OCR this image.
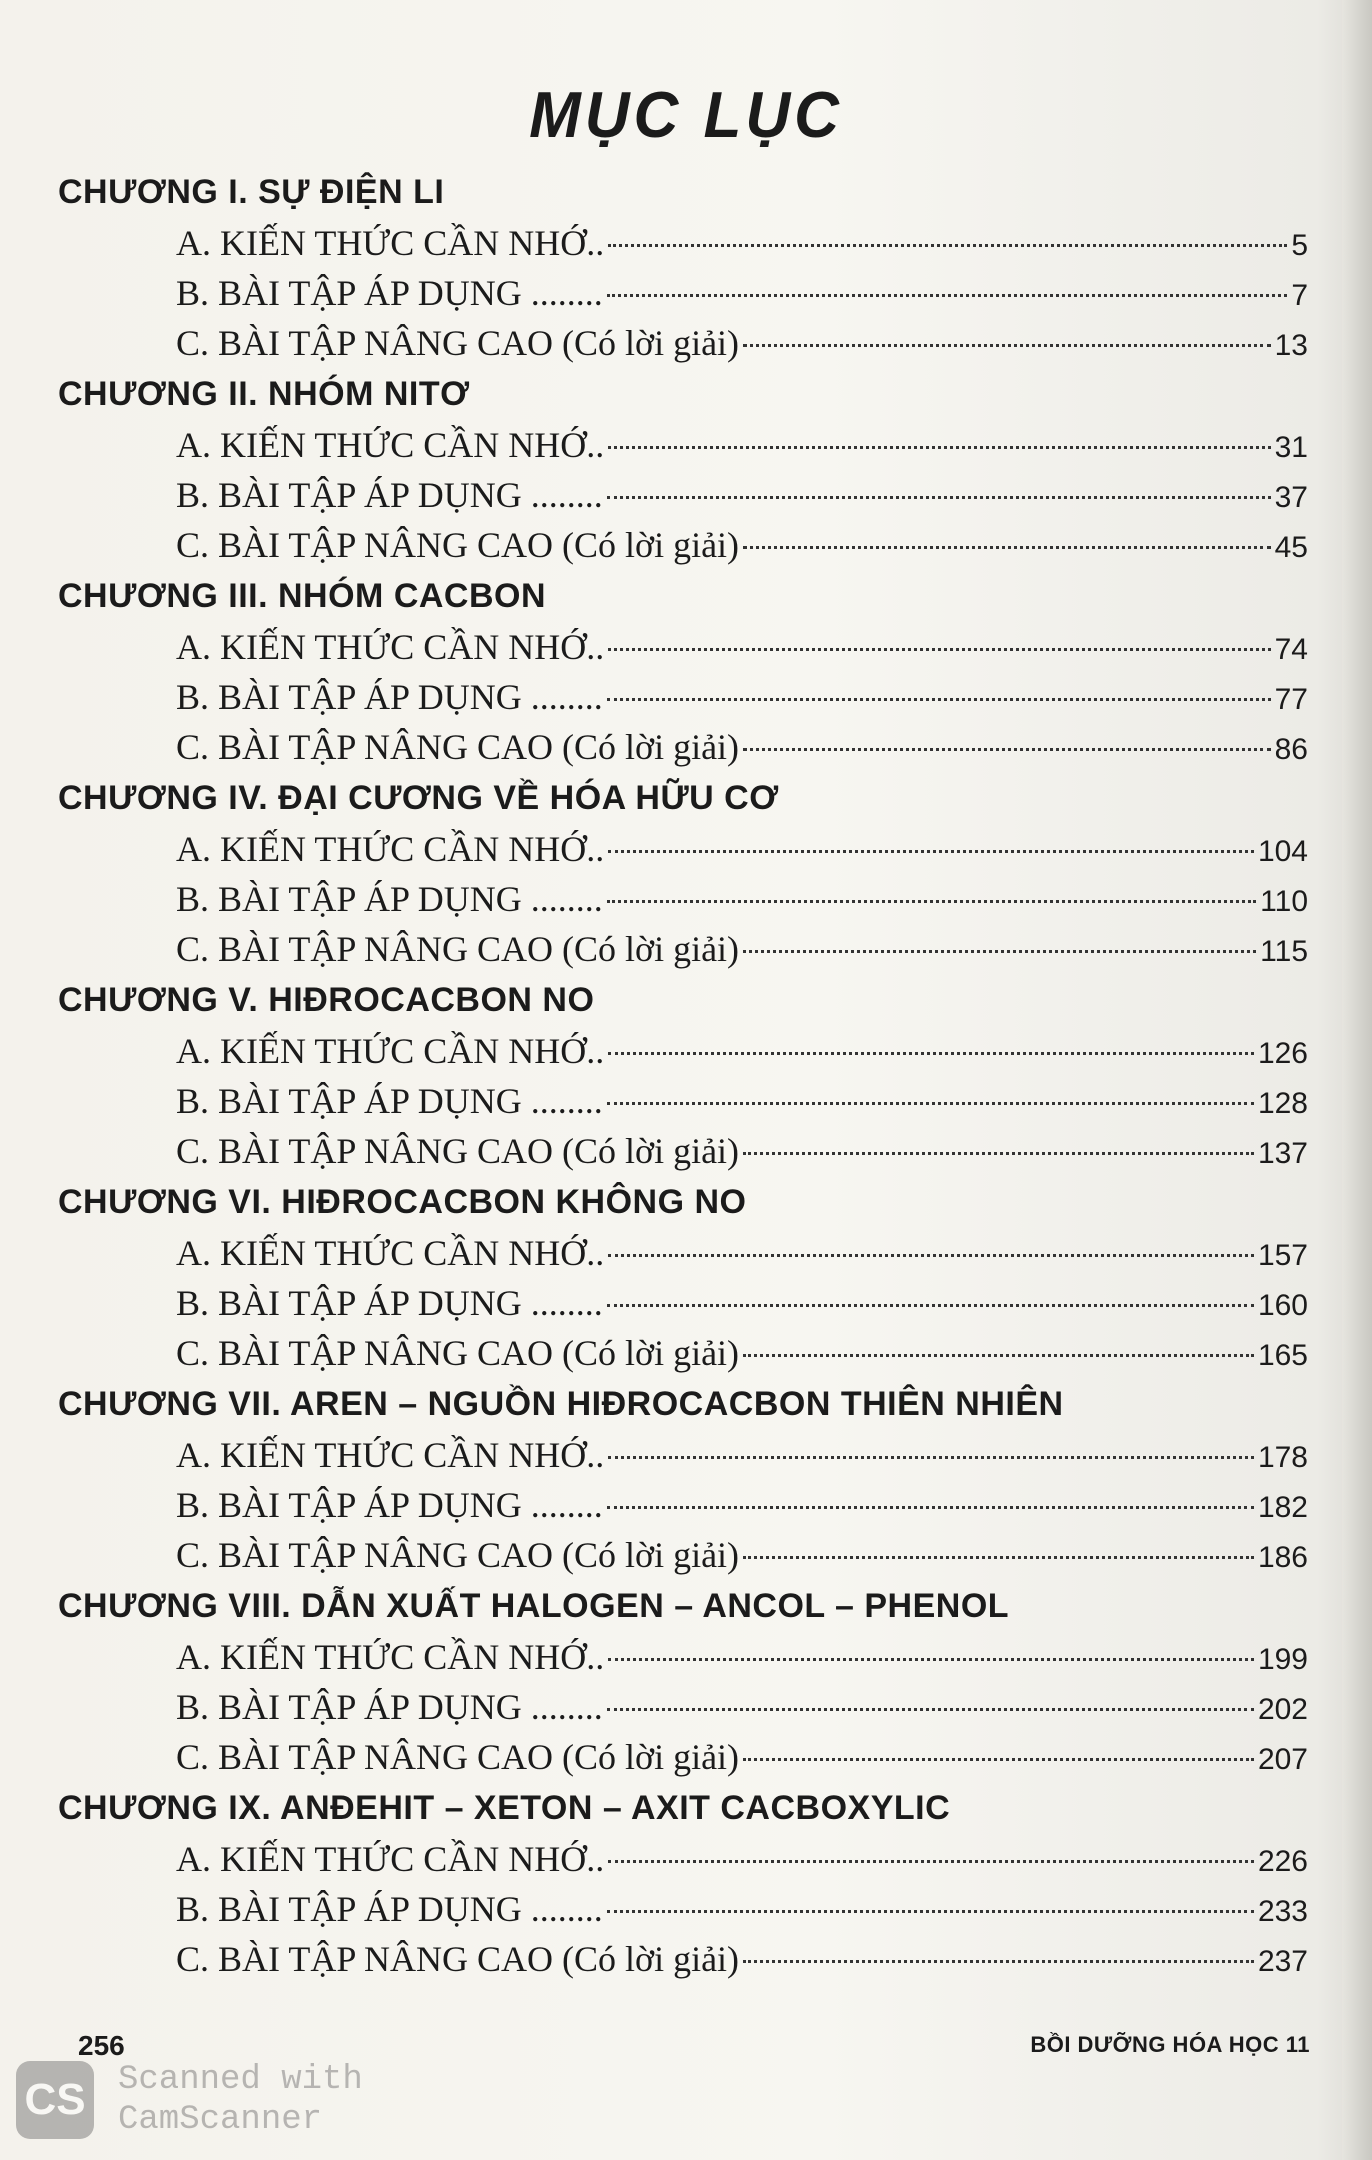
MỤC LỤC
CHƯƠNG I. SỰ ĐIỆN LI
A. KIẾN THỨC CẦN NHỚ..	5
B. BÀI TẬP ÁP DỤNG ........	7
C. BÀI TẬP NÂNG CAO (Có lời giải)	13
CHƯƠNG II. NHÓM NITƠ
A. KIẾN THỨC CẦN NHỚ..	31
B. BÀI TẬP ÁP DỤNG ........	37
C. BÀI TẬP NÂNG CAO (Có lời giải)	45
CHƯƠNG III. NHÓM CACBON
A. KIẾN THỨC CẦN NHỚ..	74
B. BÀI TẬP ÁP DỤNG ........	77
C. BÀI TẬP NÂNG CAO (Có lời giải)	86
CHƯƠNG IV. ĐẠI CƯƠNG VỀ HÓA HỮU CƠ
A. KIẾN THỨC CẦN NHỚ..	104
B. BÀI TẬP ÁP DỤNG ........	110
C. BÀI TẬP NÂNG CAO (Có lời giải)	115
CHƯƠNG V. HIĐROCACBON NO
A. KIẾN THỨC CẦN NHỚ..	126
B. BÀI TẬP ÁP DỤNG ........	128
C. BÀI TẬP NÂNG CAO (Có lời giải)	137
CHƯƠNG VI. HIĐROCACBON KHÔNG NO
A. KIẾN THỨC CẦN NHỚ..	157
B. BÀI TẬP ÁP DỤNG ........	160
C. BÀI TẬP NÂNG CAO (Có lời giải)	165
CHƯƠNG VII. AREN – NGUỒN HIĐROCACBON THIÊN NHIÊN
A. KIẾN THỨC CẦN NHỚ..	178
B. BÀI TẬP ÁP DỤNG ........	182
C. BÀI TẬP NÂNG CAO (Có lời giải)	186
CHƯƠNG VIII. DẪN XUẤT HALOGEN – ANCOL – PHENOL
A. KIẾN THỨC CẦN NHỚ..	199
B. BÀI TẬP ÁP DỤNG ........	202
C. BÀI TẬP NÂNG CAO (Có lời giải)	207
CHƯƠNG IX. ANĐEHIT – XETON – AXIT CACBOXYLIC
A. KIẾN THỨC CẦN NHỚ..	226
B. BÀI TẬP ÁP DỤNG ........	233
C. BÀI TẬP NÂNG CAO (Có lời giải)	237
256	BỒI DƯỠNG HÓA HỌC 11
CS Scanned with CamScanner
